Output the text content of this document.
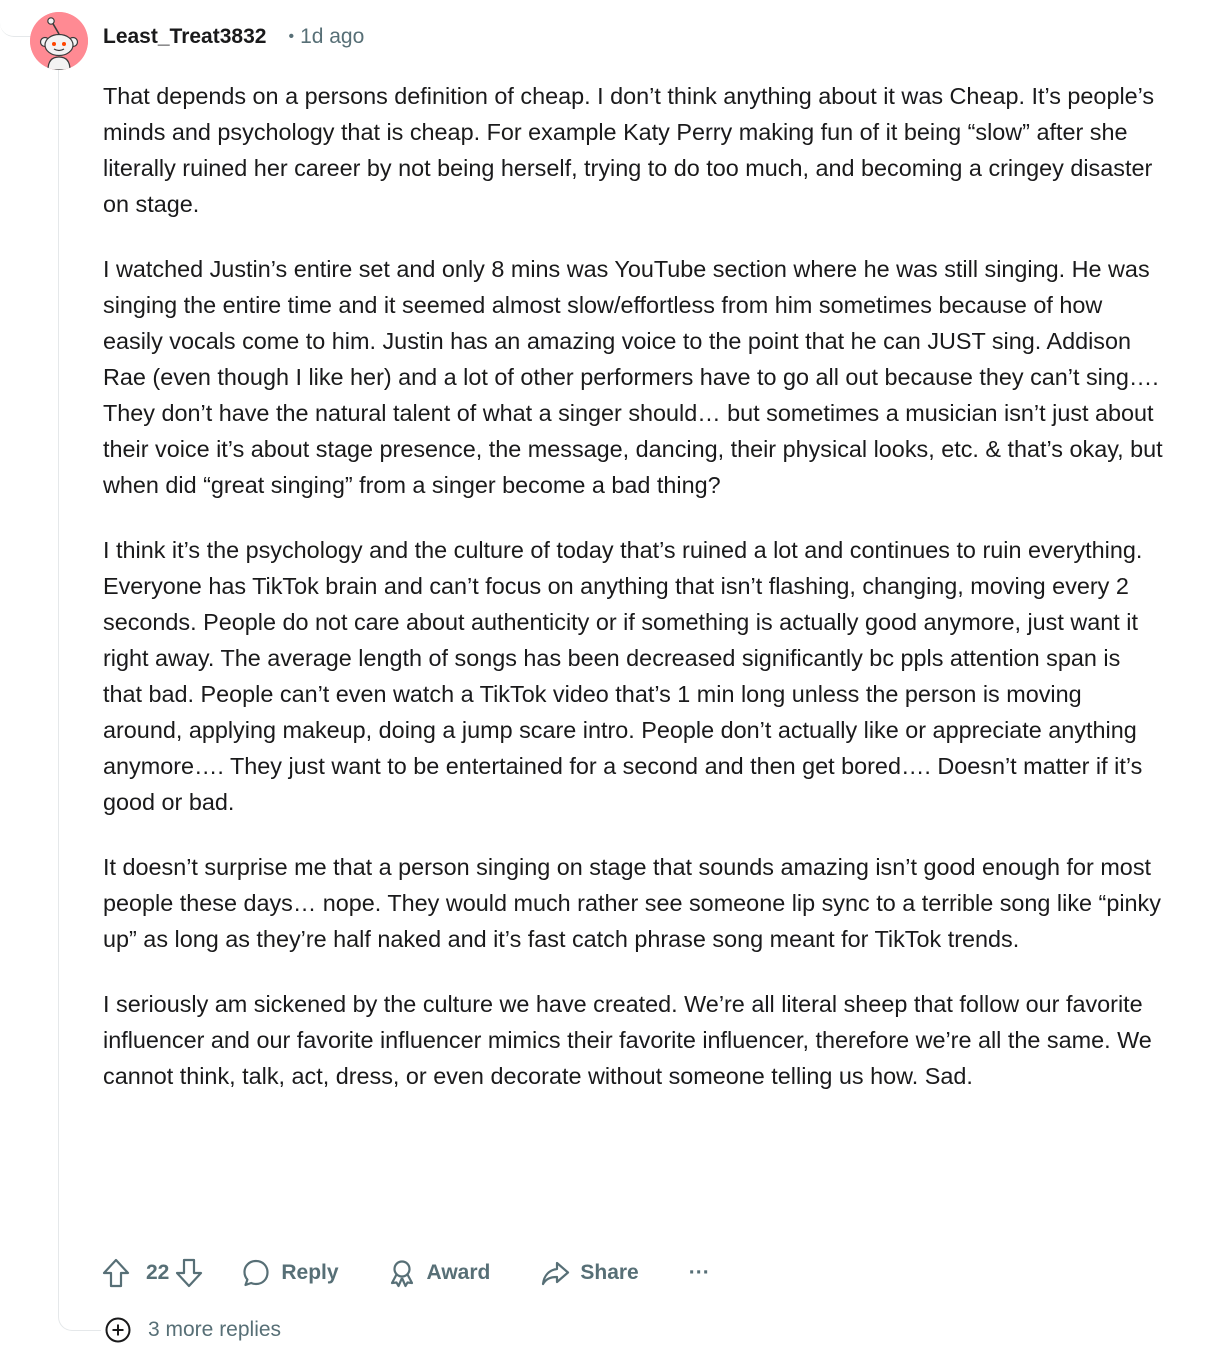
Least_Treat3832 • 1d ago

That depends on a persons definition of cheap. I don’t think anything about it was Cheap. It’s people’s minds and psychology that is cheap. For example Katy Perry making fun of it being “slow” after she literally ruined her career by not being herself, trying to do too much, and becoming a cringey disaster on stage.

I watched Justin’s entire set and only 8 mins was YouTube section where he was still singing. He was singing the entire time and it seemed almost slow/effortless from him sometimes because of how easily vocals come to him. Justin has an amazing voice to the point that he can JUST sing. Addison Rae (even though I like her) and a lot of other performers have to go all out because they can’t sing…. They don’t have the natural talent of what a singer should… but sometimes a musician isn’t just about their voice it’s about stage presence, the message, dancing, their physical looks, etc. & that’s okay, but when did “great singing” from a singer become a bad thing?

I think it’s the psychology and the culture of today that’s ruined a lot and continues to ruin everything. Everyone has TikTok brain and can’t focus on anything that isn’t flashing, changing, moving every 2 seconds. People do not care about authenticity or if something is actually good anymore, just want it right away. The average length of songs has been decreased significantly bc ppls attention span is that bad. People can’t even watch a TikTok video that’s 1 min long unless the person is moving around, applying makeup, doing a jump scare intro. People don’t actually like or appreciate anything anymore…. They just want to be entertained for a second and then get bored…. Doesn’t matter if it’s good or bad.

It doesn’t surprise me that a person singing on stage that sounds amazing isn’t good enough for most people these days… nope. They would much rather see someone lip sync to a terrible song like “pinky up” as long as they’re half naked and it’s fast catch phrase song meant for TikTok trends.

I seriously am sickened by the culture we have created. We’re all literal sheep that follow our favorite influencer and our favorite influencer mimics their favorite influencer, therefore we’re all the same. We cannot think, talk, act, dress, or even decorate without someone telling us how. Sad.

22	Reply	Award	Share ···
3 more replies
